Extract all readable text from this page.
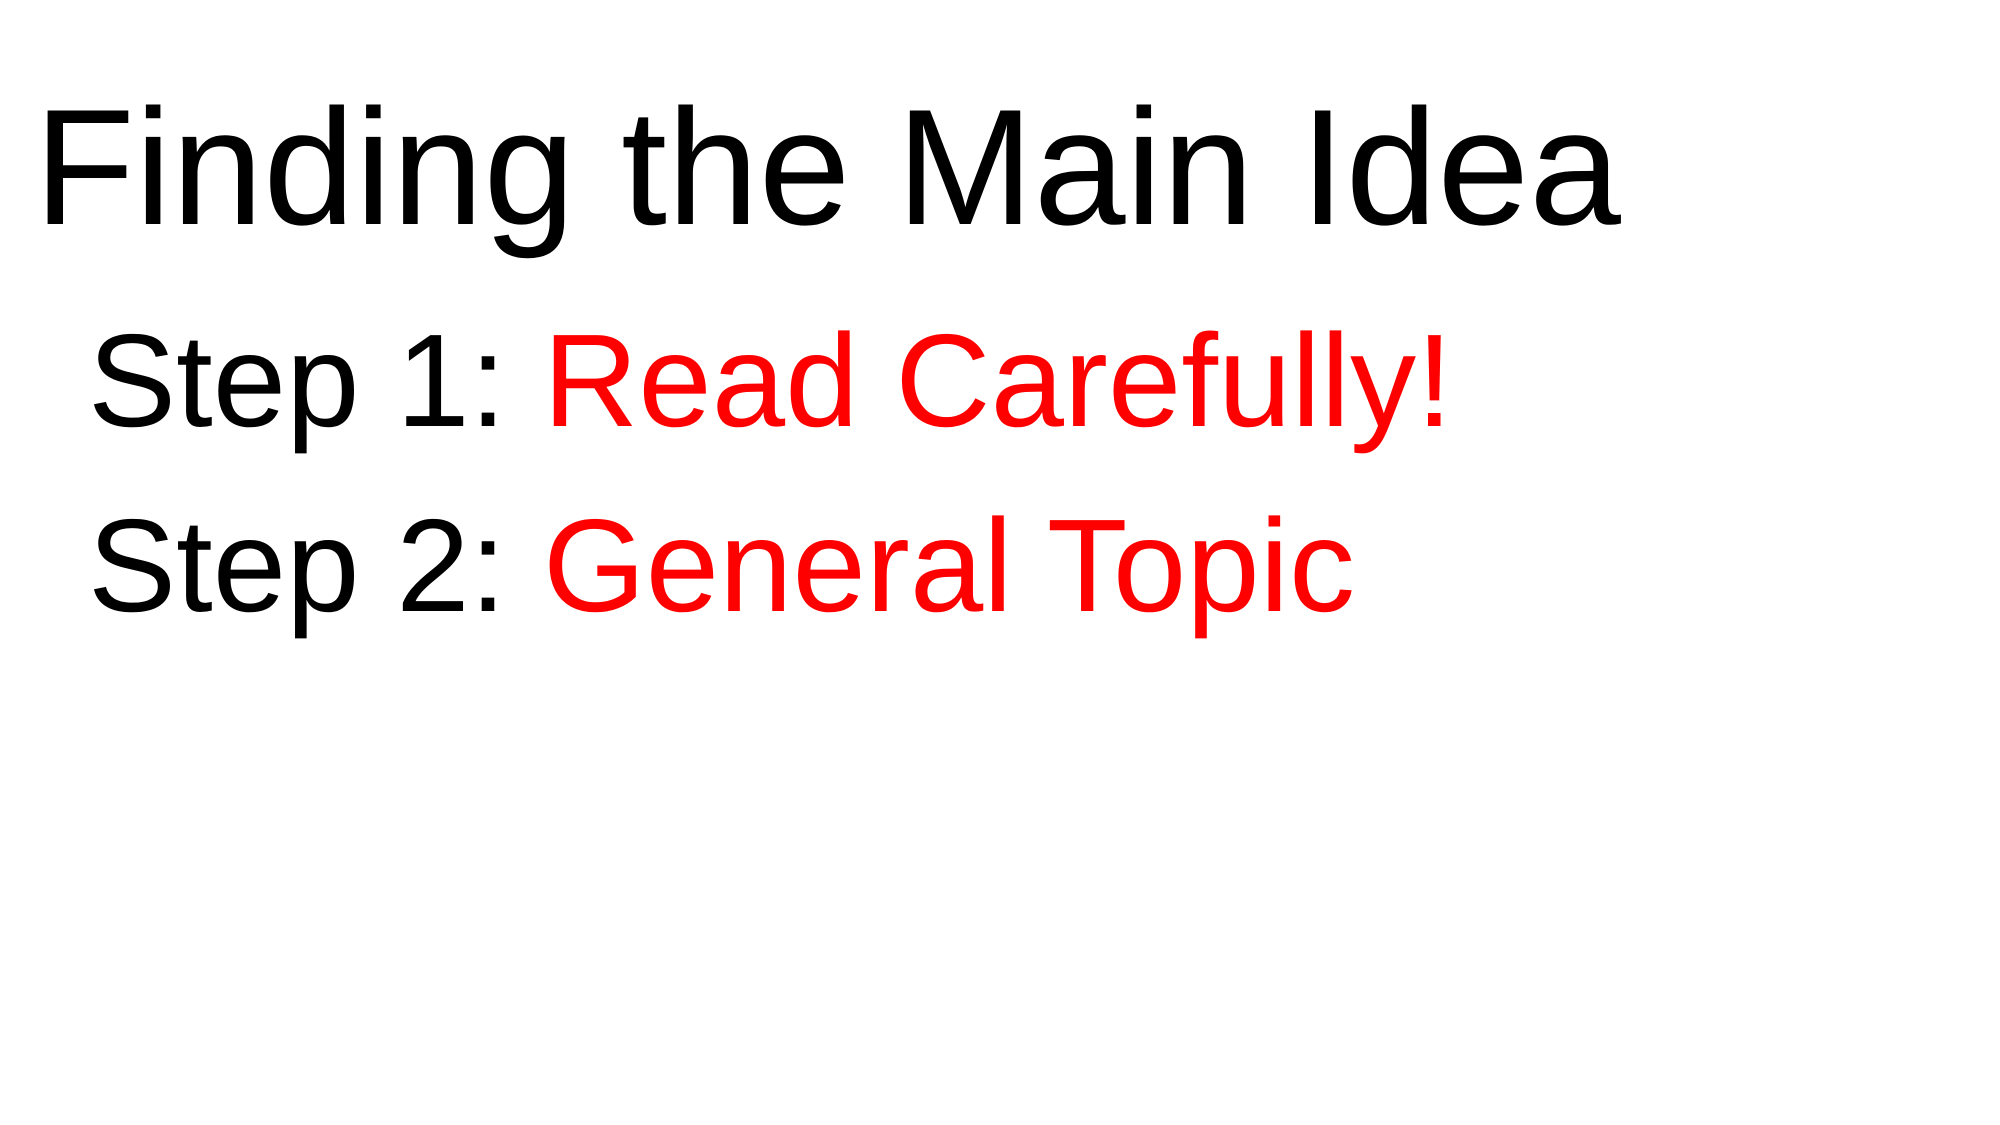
Finding the Main Idea

Step 1: Read Carefully!

Step 2: General Topic
